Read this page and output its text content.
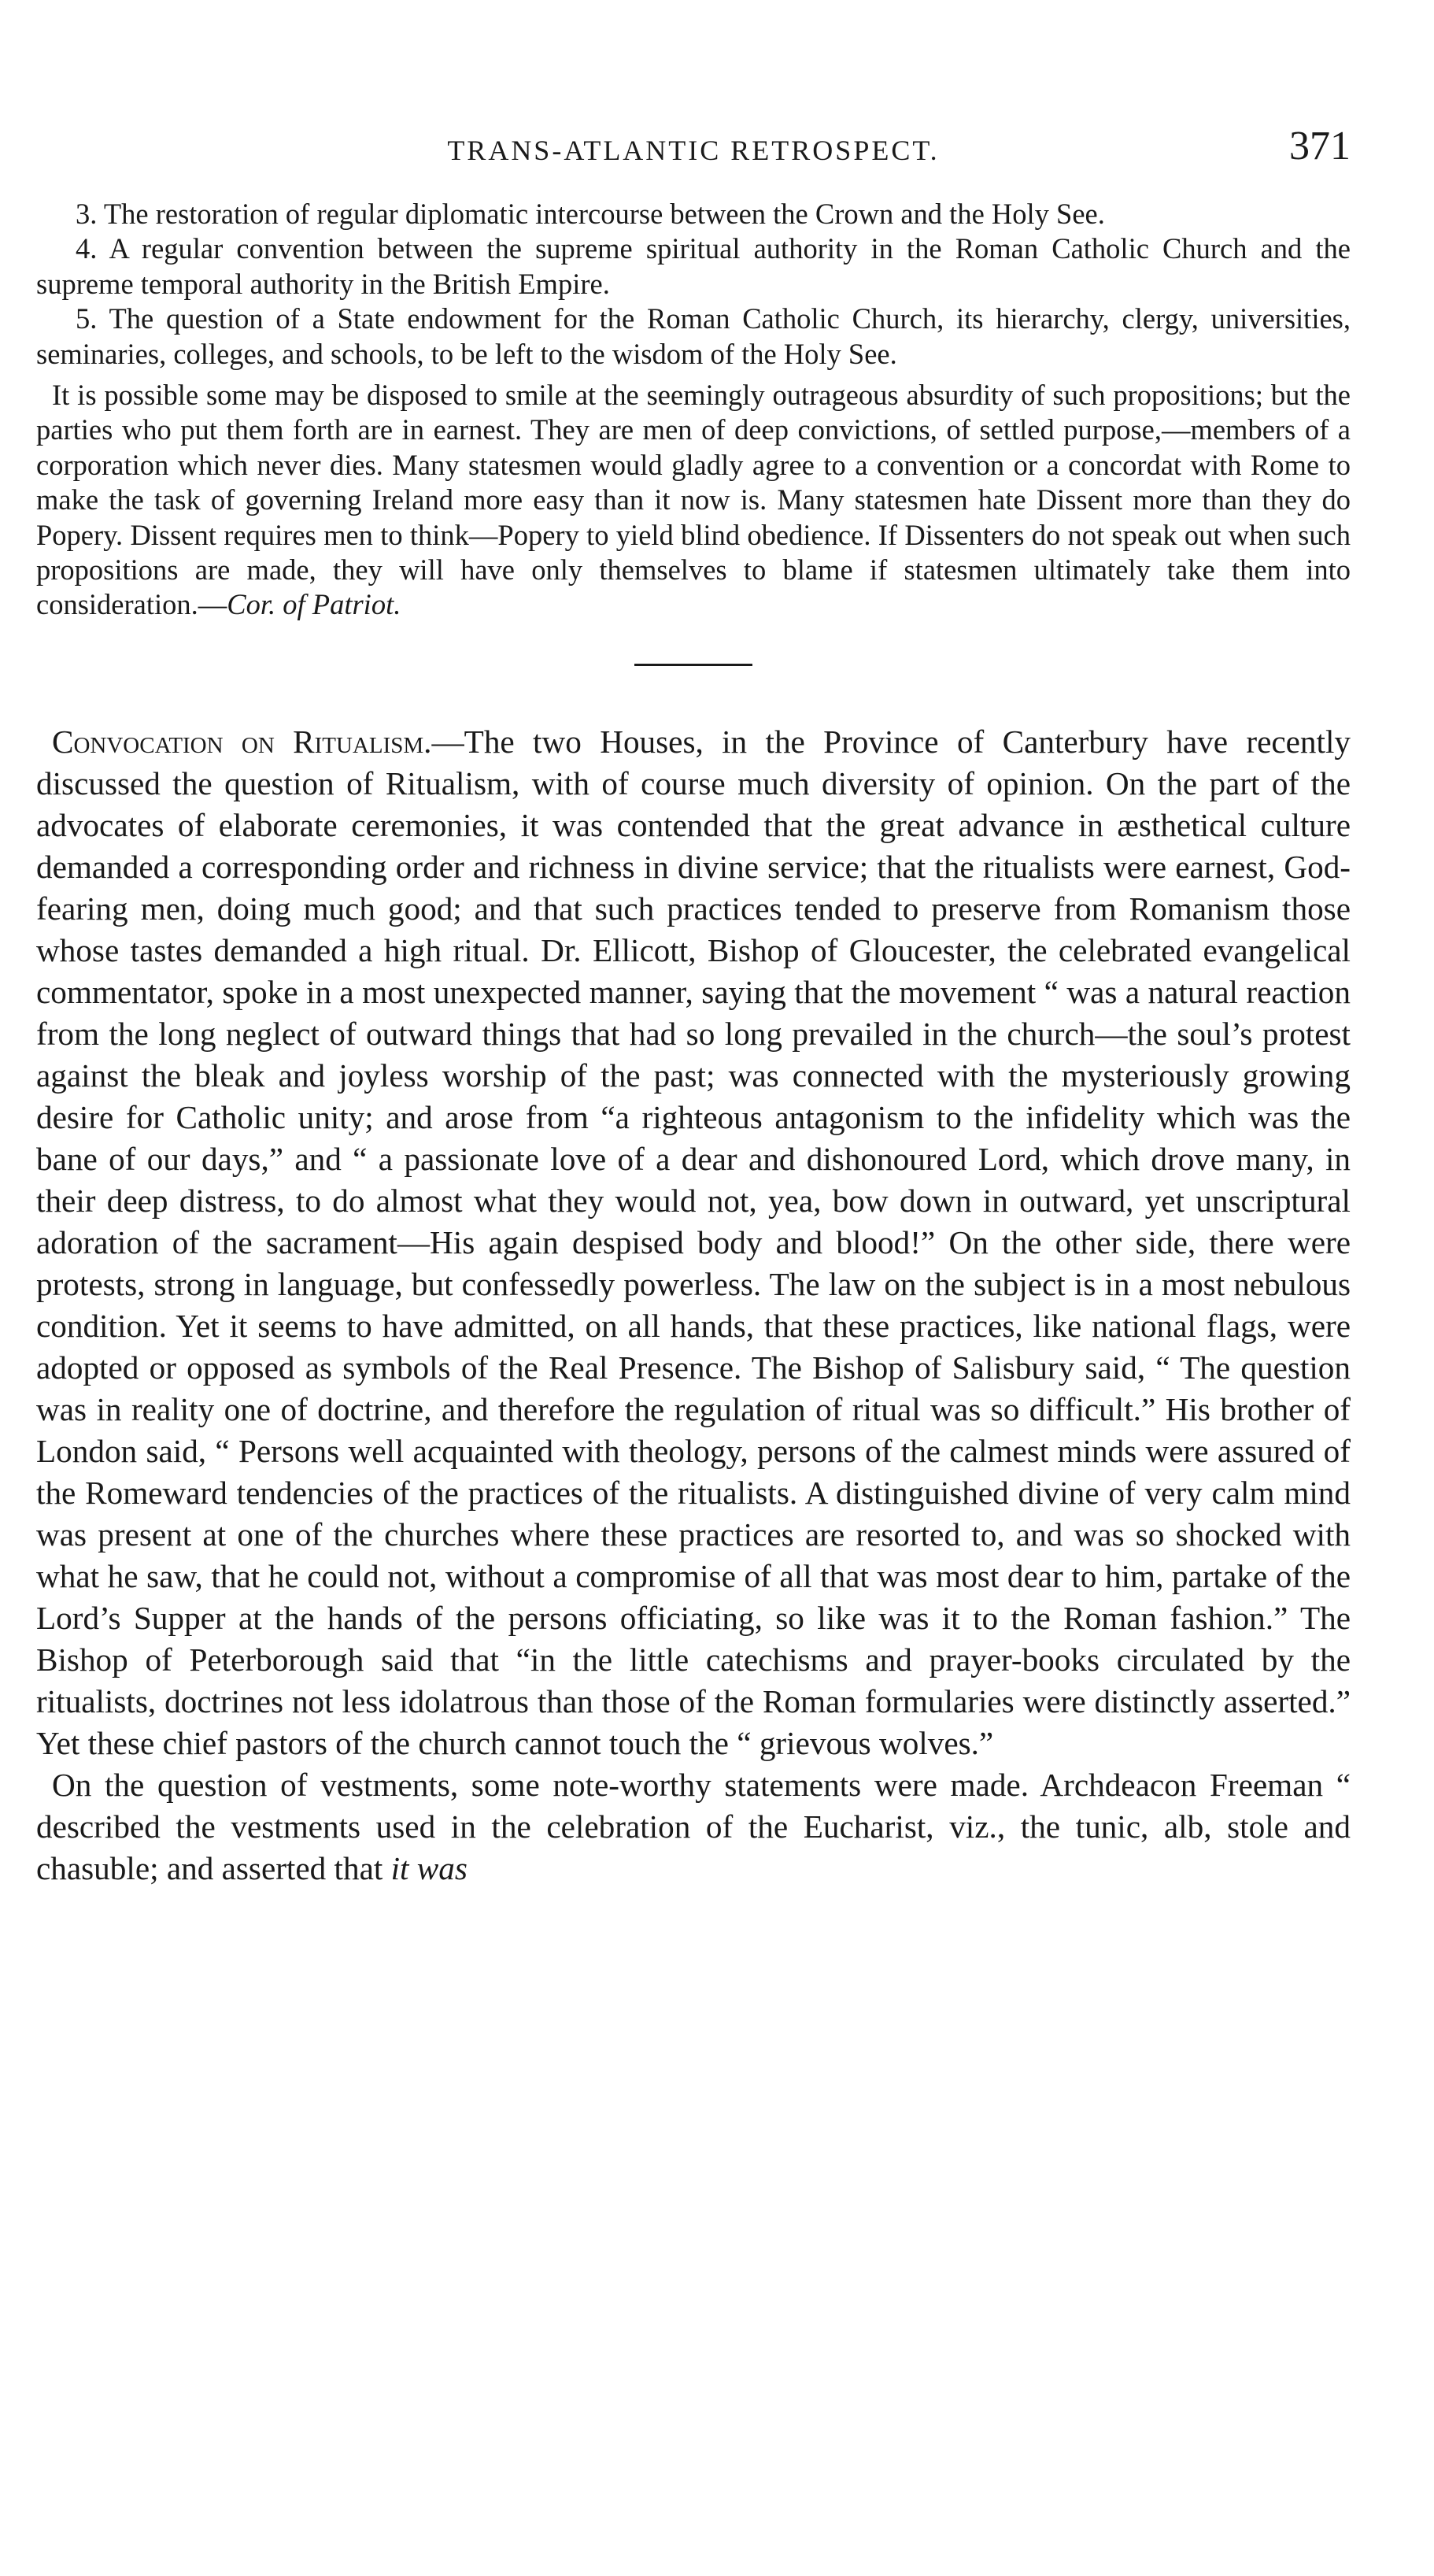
TRANS-ATLANTIC RETROSPECT.	371

3. The restoration of regular diplomatic intercourse between the Crown and the Holy See.

4. A regular convention between the supreme spiritual authority in the Roman Catholic Church and the supreme temporal authority in the British Empire.

5. The question of a State endowment for the Roman Catholic Church, its hierarchy, clergy, universities, seminaries, colleges, and schools, to be left to the wisdom of the Holy See.

It is possible some may be disposed to smile at the seemingly outrageous absurdity of such propositions; but the parties who put them forth are in earnest. They are men of deep convictions, of settled purpose,—members of a corporation which never dies. Many statesmen would gladly agree to a convention or a concordat with Rome to make the task of governing Ireland more easy than it now is. Many statesmen hate Dissent more than they do Popery. Dissent requires men to think—Popery to yield blind obedience. If Dissenters do not speak out when such propositions are made, they will have only themselves to blame if statesmen ultimately take them into consideration.—Cor. of Patriot.

Convocation on Ritualism.—The two Houses, in the Province of Canterbury have recently discussed the question of Ritualism, with of course much diversity of opinion. On the part of the advocates of elaborate ceremonies, it was contended that the great advance in æsthetical culture demanded a corresponding order and richness in divine service; that the ritualists were earnest, God-fearing men, doing much good; and that such practices tended to preserve from Romanism those whose tastes demanded a high ritual. Dr. Ellicott, Bishop of Gloucester, the celebrated evangelical commentator, spoke in a most unexpected manner, saying that the movement “ was a natural reaction from the long neglect of outward things that had so long prevailed in the church—the soul’s protest against the bleak and joyless worship of the past; was connected with the mysteriously growing desire for Catholic unity; and arose from “a righteous antagonism to the infidelity which was the bane of our days,” and “ a passionate love of a dear and dishonoured Lord, which drove many, in their deep distress, to do almost what they would not, yea, bow down in outward, yet unscriptural adoration of the sacrament—His again despised body and blood!” On the other side, there were protests, strong in language, but confessedly powerless. The law on the subject is in a most nebulous condition. Yet it seems to have admitted, on all hands, that these practices, like national flags, were adopted or opposed as symbols of the Real Presence. The Bishop of Salisbury said, “ The question was in reality one of doctrine, and therefore the regulation of ritual was so difficult.” His brother of London said, “ Persons well acquainted with theology, persons of the calmest minds were assured of the Romeward tendencies of the practices of the ritualists. A distinguished divine of very calm mind was present at one of the churches where these practices are resorted to, and was so shocked with what he saw, that he could not, without a compromise of all that was most dear to him, partake of the Lord’s Supper at the hands of the persons officiating, so like was it to the Roman fashion.” The Bishop of Peterborough said that “in the little catechisms and prayer-books circulated by the ritualists, doctrines not less idolatrous than those of the Roman formularies were distinctly asserted.” Yet these chief pastors of the church cannot touch the “ grievous wolves.”

On the question of vestments, some note-worthy statements were made. Archdeacon Freeman “ described the vestments used in the celebration of the Eucharist, viz., the tunic, alb, stole and chasuble; and asserted that it was
